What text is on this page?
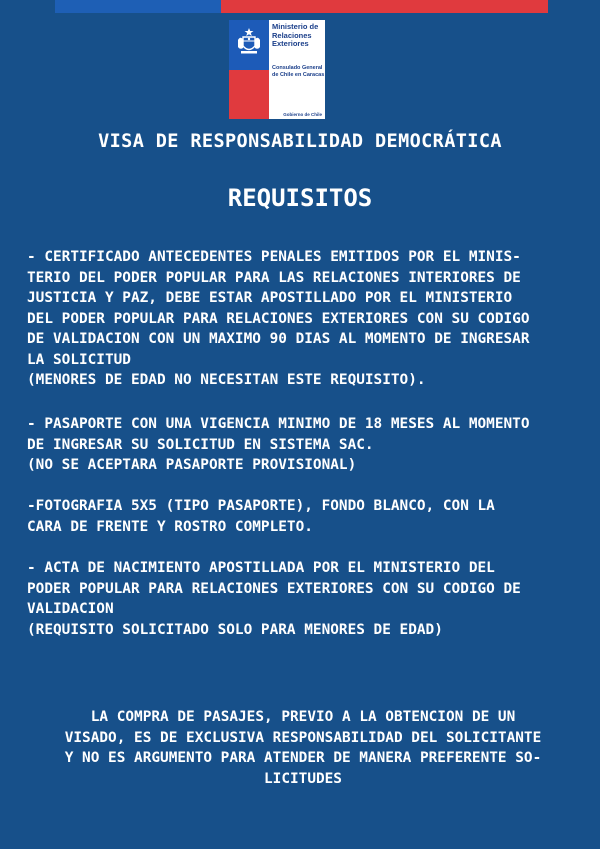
Ministerio de
Relaciones
Exteriores
Consulado General
de Chile en Caracas
Gobierno de Chile
VISA DE RESPONSABILIDAD DEMOCRÁTICA
REQUISITOS
- CERTIFICADO ANTECEDENTES PENALES EMITIDOS POR EL MINIS-
TERIO DEL PODER POPULAR PARA LAS RELACIONES INTERIORES DE
JUSTICIA Y PAZ, DEBE ESTAR APOSTILLADO POR EL MINISTERIO
DEL PODER POPULAR PARA RELACIONES EXTERIORES CON SU CODIGO
DE VALIDACION CON UN MAXIMO 90 DIAS AL MOMENTO DE INGRESAR
LA SOLICITUD
(MENORES DE EDAD NO NECESITAN ESTE REQUISITO).
- PASAPORTE CON UNA VIGENCIA MINIMO DE 18 MESES AL MOMENTO
DE INGRESAR SU SOLICITUD EN SISTEMA SAC.
(NO SE ACEPTARA PASAPORTE PROVISIONAL)
-FOTOGRAFIA 5X5 (TIPO PASAPORTE), FONDO BLANCO, CON LA
CARA DE FRENTE Y ROSTRO COMPLETO.
- ACTA DE NACIMIENTO APOSTILLADA POR EL MINISTERIO DEL
PODER POPULAR PARA RELACIONES EXTERIORES CON SU CODIGO DE
VALIDACION
(REQUISITO SOLICITADO SOLO PARA MENORES DE EDAD)
LA COMPRA DE PASAJES, PREVIO A LA OBTENCION DE UN
VISADO, ES DE EXCLUSIVA RESPONSABILIDAD DEL SOLICITANTE
Y NO ES ARGUMENTO PARA ATENDER DE MANERA PREFERENTE SO-
LICITUDES
